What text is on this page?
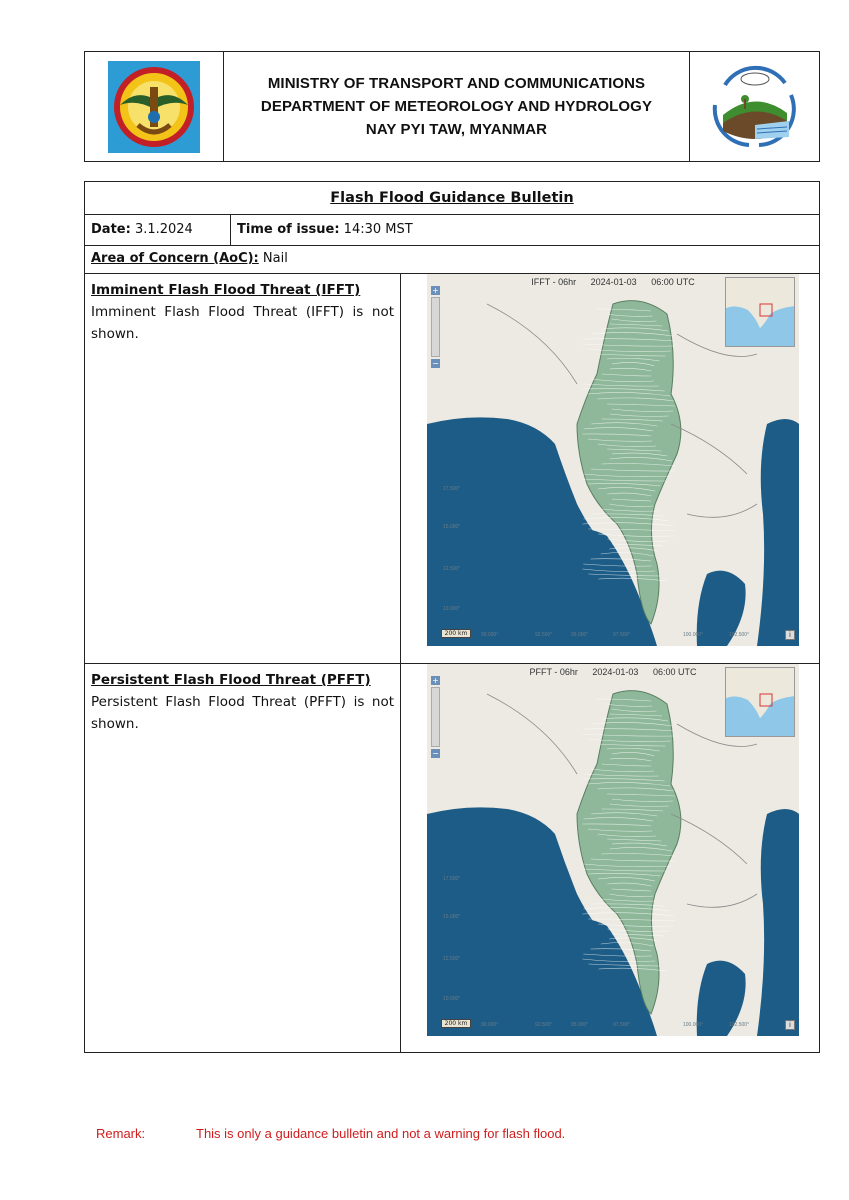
MINISTRY OF TRANSPORT AND COMMUNICATIONS
DEPARTMENT OF METEOROLOGY AND HYDROLOGY
NAY PYI TAW, MYANMAR
Flash Flood Guidance Bulletin
Date: 3.1.2024	Time of issue: 14:30 MST
Area of Concern (AoC): Nail
Imminent Flash Flood Threat (IFFT)

Imminent Flash Flood Threat (IFFT) is not shown.

IFFT - 06hr 2024-01-03 06:00 UTC
+
−
200 km	i
17.500°
15.000°
12.500°
10.000°
90.000°	92.500°	95.000°	97.500°	100.000°	102.500°
Persistent Flash Flood Threat (PFFT)

Persistent Flash Flood Threat (PFFT) is not shown.

PFFT - 06hr 2024-01-03 06:00 UTC
+
−
200 km	i
17.500°
15.000°
12.500°
10.000°
90.000°	92.500°	95.000°	97.500°	100.000°	102.500°
Remark:	This is only a guidance bulletin and not a warning for flash flood.
